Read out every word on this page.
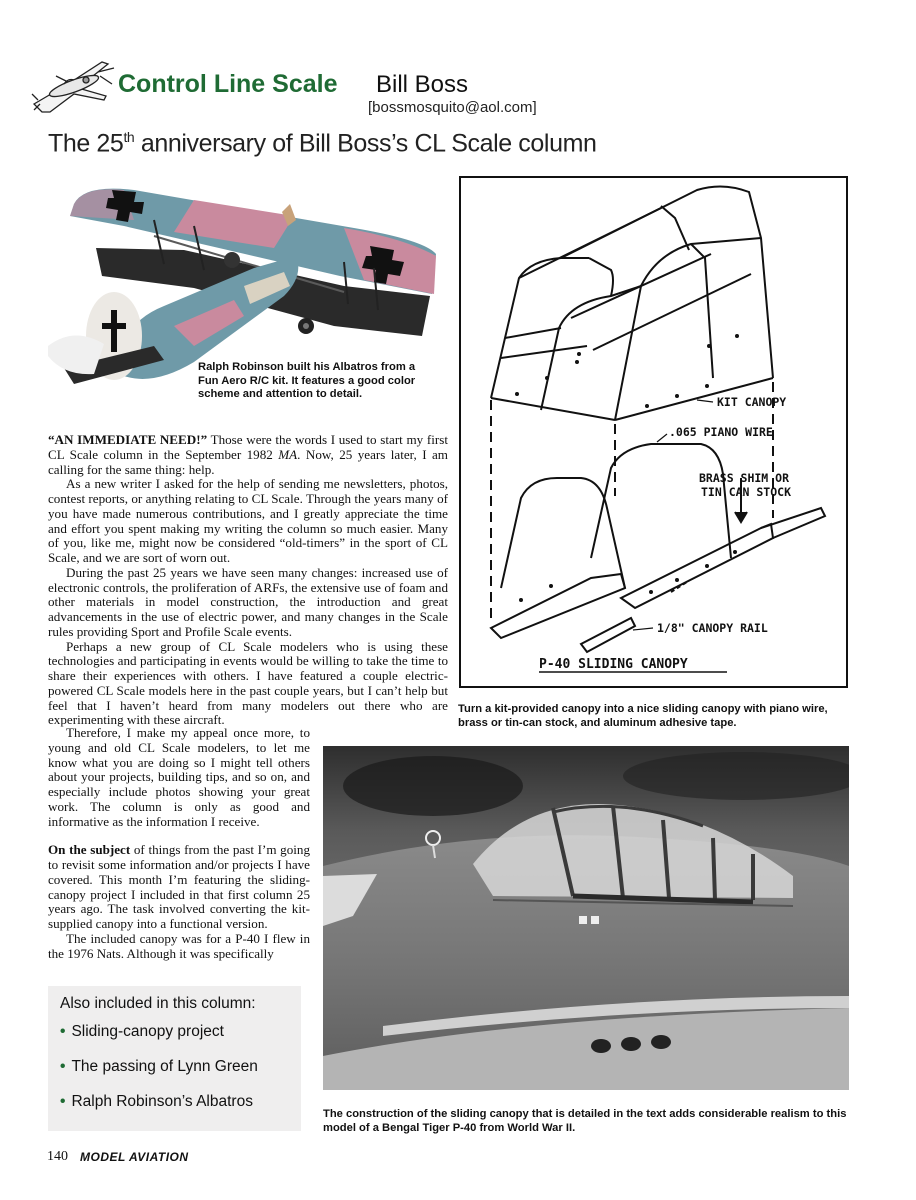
Control Line Scale Bill Boss
[bossmosquito@aol.com]
The 25th anniversary of Bill Boss’s CL Scale column
Ralph Robinson built his Albatros from a Fun Aero R/C kit. It features a good color scheme and attention to detail.
KIT CANOPY
.065 PIANO WIRE
BRASS SHIM OR
TIN CAN STOCK
1/8" CANOPY RAIL
P-40 SLIDING CANOPY
Turn a kit-provided canopy into a nice sliding canopy with piano wire, brass or tin-can stock, and aluminum adhesive tape.
The construction of the sliding canopy that is detailed in the text adds considerable realism to this model of a Bengal Tiger P-40 from World War II.

“AN IMMEDIATE NEED!” Those were the words I used to start my first CL Scale column in the September 1982 MA. Now, 25 years later, I am calling for the same thing: help.

As a new writer I asked for the help of sending me newsletters, photos, contest reports, or anything relating to CL Scale. Through the years many of you have made numerous contributions, and I greatly appreciate the time and effort you spent making my writing the column so much easier. Many of you, like me, might now be considered “old-timers” in the sport of CL Scale, and we are sort of worn out.

During the past 25 years we have seen many changes: increased use of electronic controls, the proliferation of ARFs, the extensive use of foam and other materials in model construction, the introduction and great advancements in the use of electric power, and many changes in the Scale rules providing Sport and Profile Scale events.

Perhaps a new group of CL Scale modelers who is using these technologies and participating in events would be willing to take the time to share their experiences with others. I have featured a couple electric-powered CL Scale models here in the past couple years, but I can’t help but feel that I haven’t heard from many modelers out there who are experimenting with these aircraft.

Therefore, I make my appeal once more, to young and old CL Scale modelers, to let me know what you are doing so I might tell others about your projects, building tips, and so on, and especially include photos showing your great work. The column is only as good and informative as the information I receive.

On the subject of things from the past I’m going to revisit some information and/or projects I have covered. This month I’m featuring the sliding-canopy project I included in that first column 25 years ago. The task involved converting the kit-supplied canopy into a functional version.

The included canopy was for a P-40 I flew in the 1976 Nats. Although it was specifically

Also included in this column:
• Sliding-canopy project
• The passing of Lynn Green
• Ralph Robinson’s Albatros
140 MODEL AVIATION
